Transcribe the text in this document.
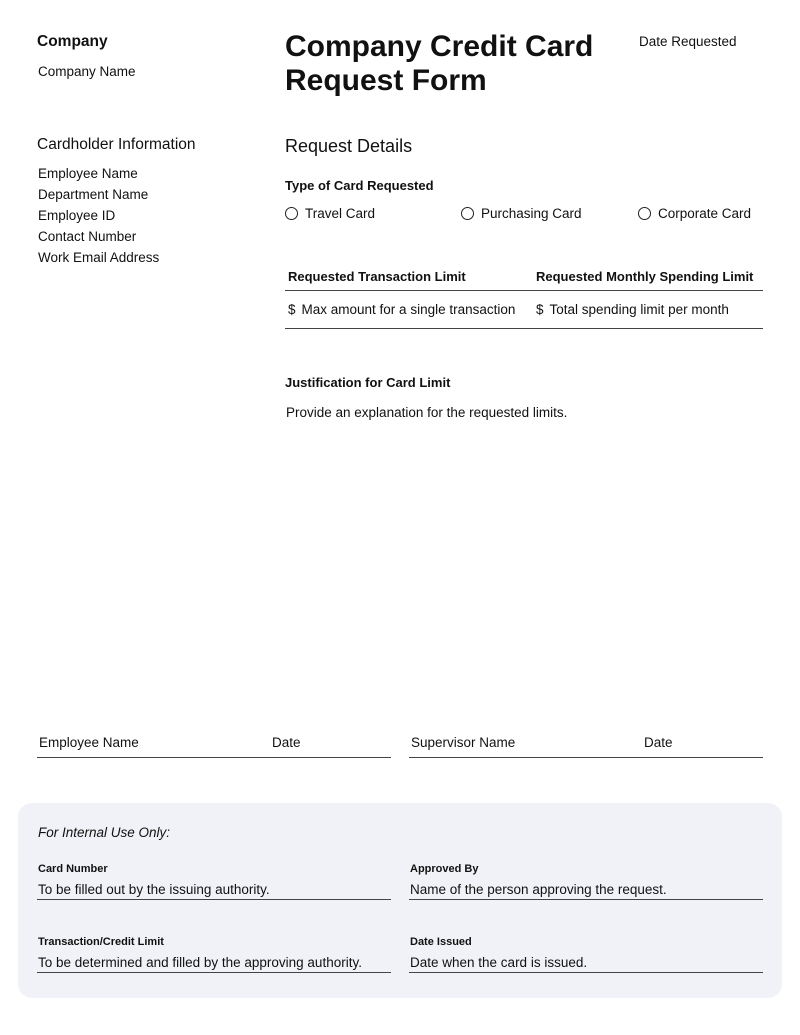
Company
Company Name
Company Credit Card Request Form
Date Requested
Cardholder Information
Employee Name
Department Name
Employee ID
Contact Number
Work Email Address
Request Details
Type of Card Requested
Travel Card	Purchasing Card	Corporate Card
Requested Transaction Limit	Requested Monthly Spending Limit
$ Max amount for a single transaction $ Total spending limit per month
Justification for Card Limit
Provide an explanation for the requested limits.
Employee Name	Date	Supervisor Name	Date
For Internal Use Only:
Card Number
To be filled out by the issuing authority.
Approved By
Name of the person approving the request.
Transaction/Credit Limit
To be determined and filled by the approving authority.
Date Issued
Date when the card is issued.
